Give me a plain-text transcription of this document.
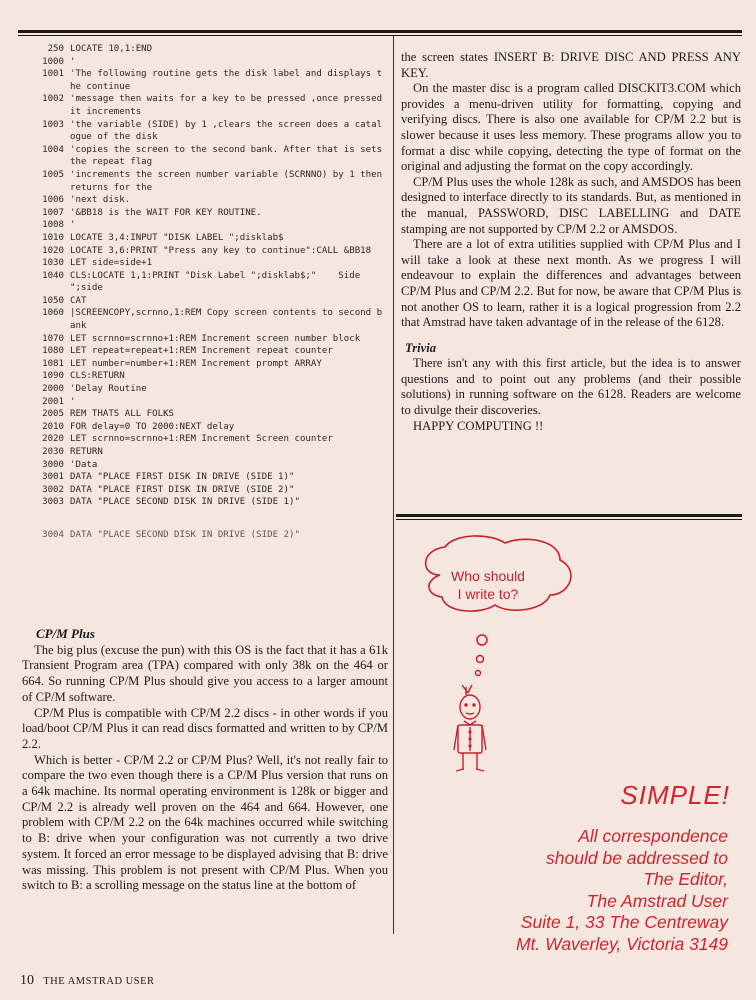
250 LOCATE 10,1:END
1000 '
1001 'The following routine gets the disk label and displays the continue
1002 'message then waits for a key to be pressed ,once pressed it increments
1003 'the variable (SIDE) by 1 ,clears the screen does a catalogue of the disk
1004 'copies the screen to the second bank. After that is sets the repeat flag
1005 'increments the screen number variable (SCRNNO) by 1 then returns for the
1006 'next disk.
1007 '&BB18 is the WAIT FOR KEY ROUTINE.
1008 '
1010 LOCATE 3,4:INPUT "DISK LABEL ";disklab$
1020 LOCATE 3,6:PRINT "Press any key to continue":CALL &BB18
1030 LET side=side+1
1040 CLS:LOCATE 1,1:PRINT "Disk Label ";disklab$;"    Side    ";side
1050 CAT
1060 |SCREENCOPY,scrnno,1:REM Copy screen contents to second bank
1070 LET scrnno=scrnno+1:REM Increment screen number block
1080 LET repeat=repeat+1:REM Increment repeat counter
1081 LET number=number+1:REM Increment prompt ARRAY
1090 CLS:RETURN
2000 'Delay Routine
2001 '
2005 REM THATS ALL FOLKS
2010 FOR delay=0 TO 2000:NEXT delay
2020 LET scrnno=scrnno+1:REM Increment Screen counter
2030 RETURN
3000 'Data
3001 DATA "PLACE FIRST DISK IN DRIVE (SIDE 1)"
3002 DATA "PLACE FIRST DISK IN DRIVE (SIDE 2)"
3003 DATA "PLACE SECOND DISK IN DRIVE (SIDE 1)"
3004 DATA "PLACE SECOND DISK IN DRIVE (SIDE 2)"
CP/M Plus

The big plus (excuse the pun) with this OS is the fact that it has a 61k Transient Program area (TPA) compared with only 38k on the 464 or 664. So running CP/M Plus should give you access to a larger amount of CP/M software.

CP/M Plus is compatible with CP/M 2.2 discs - in other words if you load/boot CP/M Plus it can read discs formatted and written to by CP/M 2.2.

Which is better - CP/M 2.2 or CP/M Plus? Well, it's not really fair to compare the two even though there is a CP/M Plus version that runs on a 64k machine. Its normal operating environment is 128k or bigger and CP/M 2.2 is already well proven on the 464 and 664. However, one problem with CP/M 2.2 on the 64k machines occurred while switching to B: drive when your configuration was not currently a two drive system. It forced an error message to be displayed advising that B: drive was missing. This problem is not present with CP/M Plus. When you switch to B: a scrolling message on the status line at the bottom of

the screen states INSERT B: DRIVE DISC AND PRESS ANY KEY.

On the master disc is a program called DISCKIT3.COM which provides a menu-driven utility for formatting, copying and verifying discs. There is also one available for CP/M 2.2 but is slower because it uses less memory. These programs allow you to format a disc while copying, detecting the type of format on the original and adjusting the format on the copy accordingly.

CP/M Plus uses the whole 128k as such, and AMSDOS has been designed to interface directly to its standards. But, as mentioned in the manual, PASSWORD, DISC LABELLING and DATE stamping are not supported by CP/M 2.2 or AMSDOS.

There are a lot of extra utilities supplied with CP/M Plus and I will take a look at these next month. As we progress I will endeavour to explain the differences and advantages between CP/M Plus and CP/M 2.2. But for now, be aware that CP/M Plus is not another OS to learn, rather it is a logical progression from 2.2 that Amstrad have taken advantage of in the release of the 6128.

Trivia

There isn't any with this first article, but the idea is to answer questions and to point out any problems (and their possible solutions) in running software on the 6128. Readers are welcome to divulge their discoveries.

HAPPY COMPUTING !!

Who should
I write to?
SIMPLE!
All correspondence
should be addressed to
The Editor,
The Amstrad User
Suite 1, 33 The Centreway
Mt. Waverley, Victoria 3149
10 THE AMSTRAD USER
